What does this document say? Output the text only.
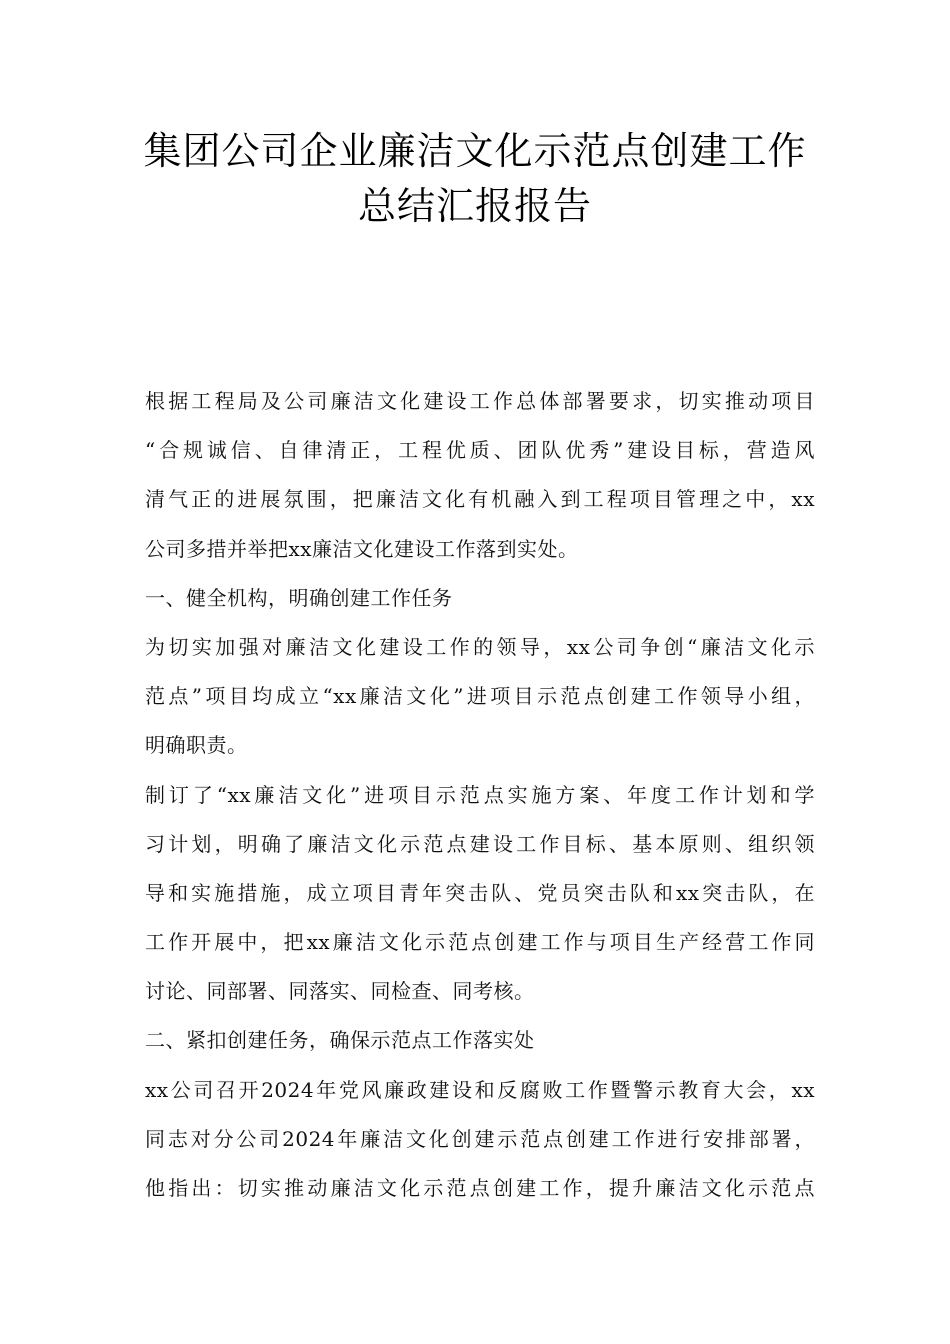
集团公司企业廉洁文化示范点创建工作
总结汇报报告
根据工程局及公司廉洁文化建设工作总体部署要求，切实推动项目
“合规诚信、自律清正，工程优质、团队优秀”建设目标，营造风
清气正的进展氛围，把廉洁文化有机融入到工程项目管理之中，xx
公司多措并举把xx廉洁文化建设工作落到实处。
一、健全机构，明确创建工作任务
为切实加强对廉洁文化建设工作的领导，xx公司争创“廉洁文化示
范点”项目均成立“xx廉洁文化”进项目示范点创建工作领导小组，
明确职责。
制订了“xx廉洁文化”进项目示范点实施方案、年度工作计划和学
习计划，明确了廉洁文化示范点建设工作目标、基本原则、组织领
导和实施措施，成立项目青年突击队、党员突击队和xx突击队，在
工作开展中，把xx廉洁文化示范点创建工作与项目生产经营工作同
讨论、同部署、同落实、同检查、同考核。
二、紧扣创建任务，确保示范点工作落实处
xx公司召开2024年党风廉政建设和反腐败工作暨警示教育大会，xx
同志对分公司2024年廉洁文化创建示范点创建工作进行安排部署，
他指出：切实推动廉洁文化示范点创建工作，提升廉洁文化示范点
